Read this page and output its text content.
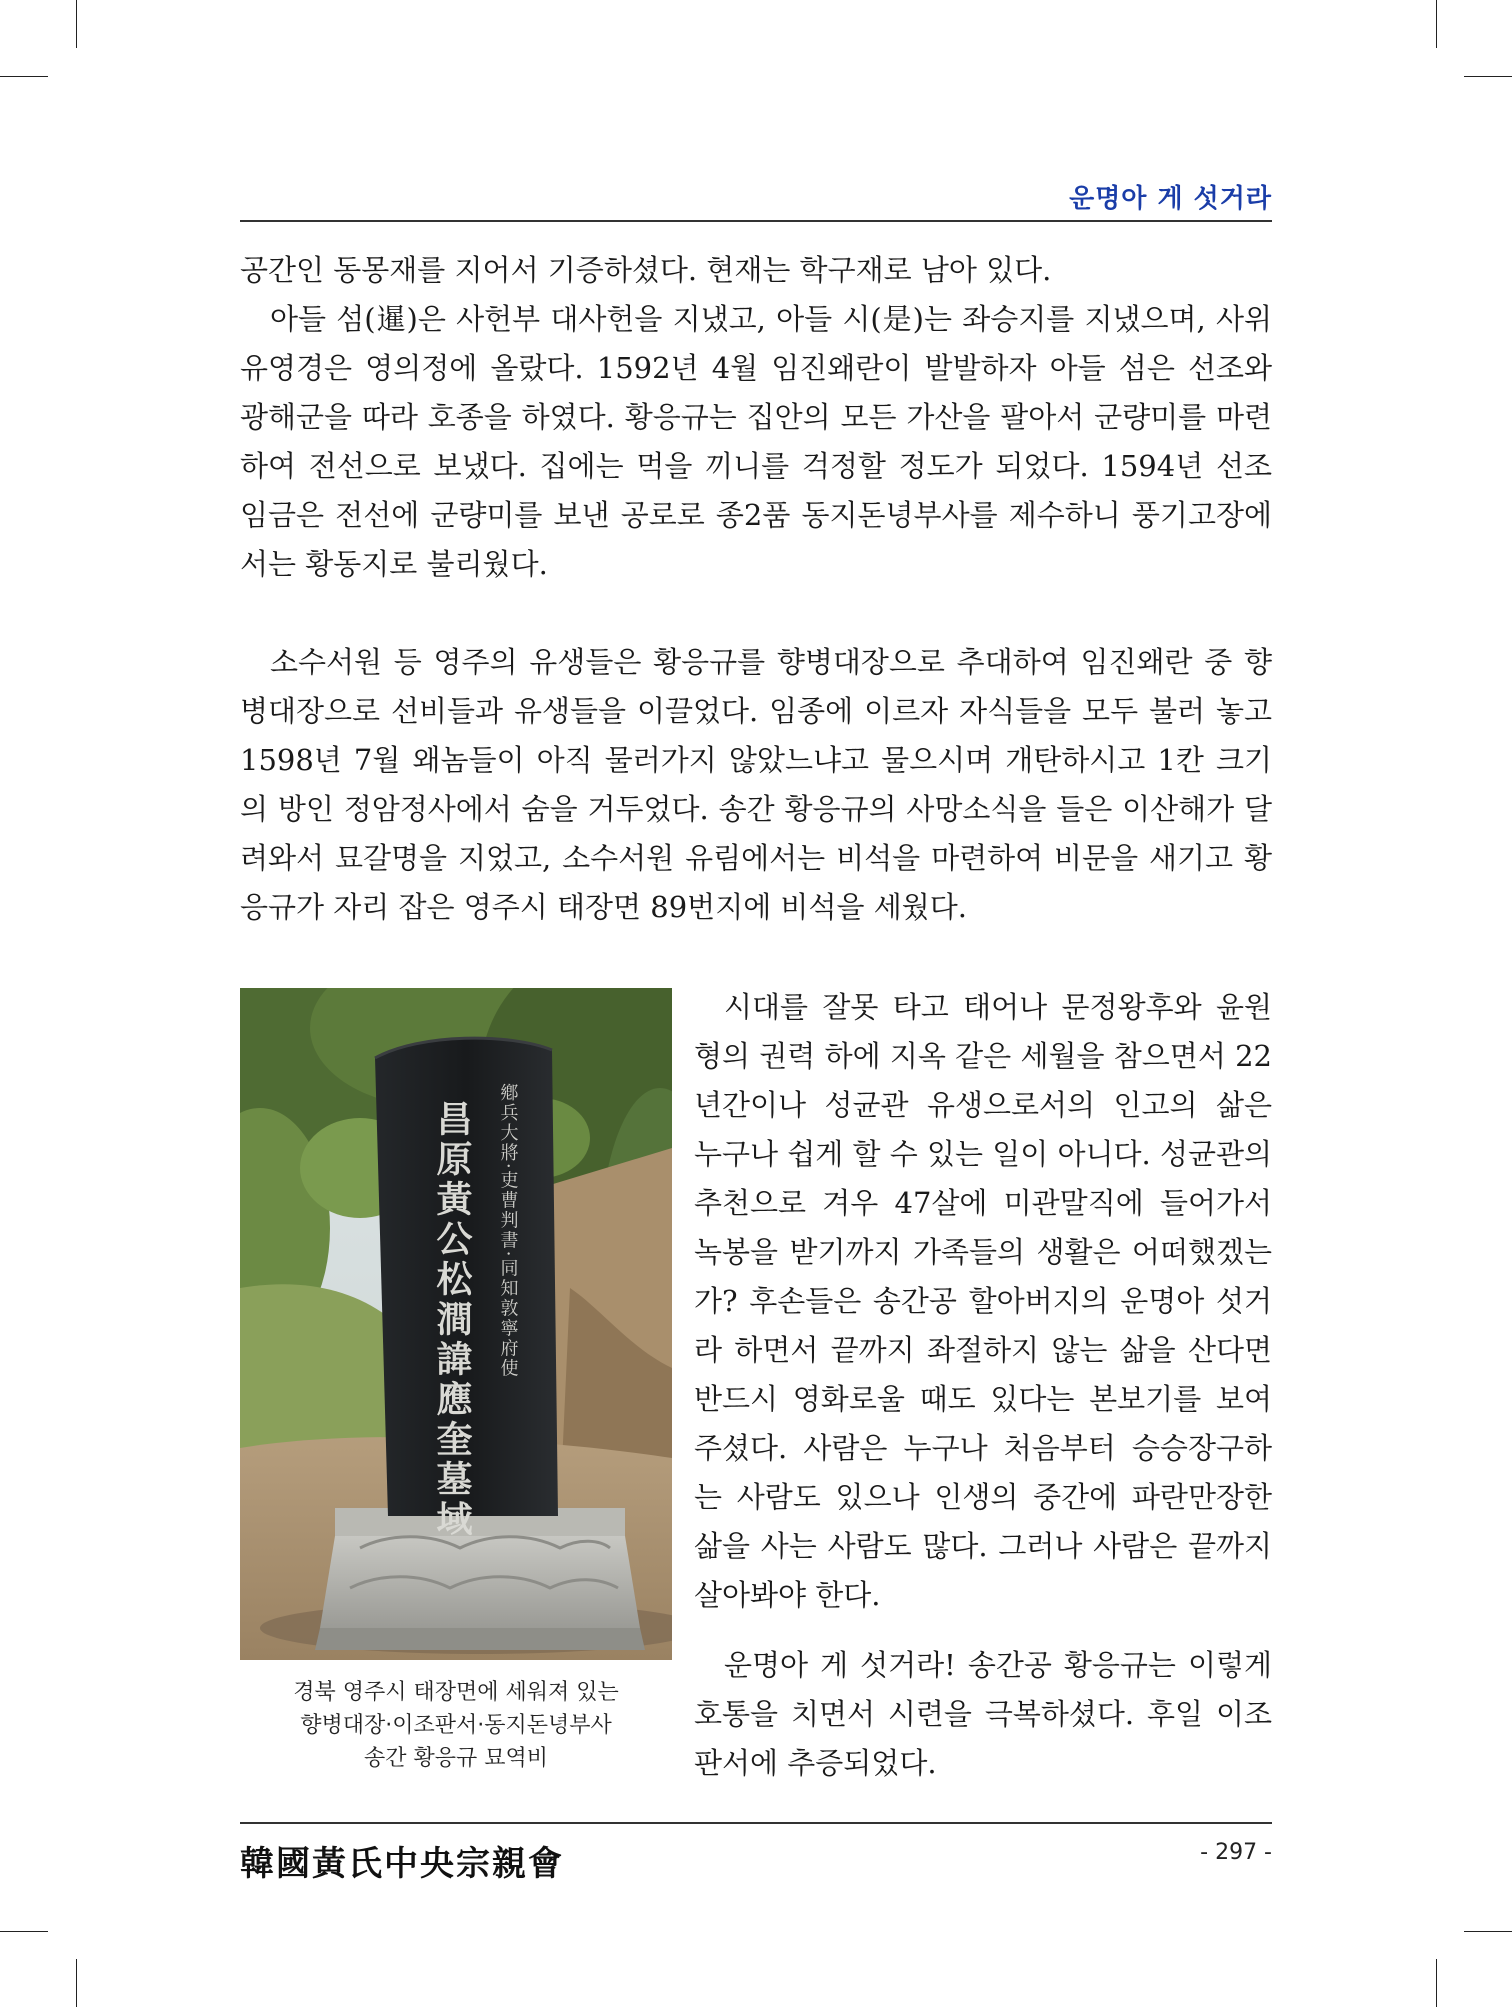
운명아 게 섯거라

공간인 동몽재를 지어서 기증하셨다. 현재는 학구재로 남아 있다.

아들 섬(暹)은 사헌부 대사헌을 지냈고, 아들 시(是)는 좌승지를 지냈으며, 사위 유영경은 영의정에 올랐다. 1592년 4월 임진왜란이 발발하자 아들 섬은 선조와 광해군을 따라 호종을 하였다. 황응규는 집안의 모든 가산을 팔아서 군량미를 마련하여 전선으로 보냈다. 집에는 먹을 끼니를 걱정할 정도가 되었다. 1594년 선조 임금은 전선에 군량미를 보낸 공로로 종2품 동지돈녕부사를 제수하니 풍기고장에서는 황동지로 불리웠다.

소수서원 등 영주의 유생들은 황응규를 향병대장으로 추대하여 임진왜란 중 향병대장으로 선비들과 유생들을 이끌었다. 임종에 이르자 자식들을 모두 불러 놓고 1598년 7월 왜놈들이 아직 물러가지 않았느냐고 물으시며 개탄하시고 1칸 크기의 방인 정암정사에서 숨을 거두었다. 송간 황응규의 사망소식을 들은 이산해가 달려와서 묘갈명을 지었고, 소수서원 유림에서는 비석을 마련하여 비문을 새기고 황응규가 자리 잡은 영주시 태장면 89번지에 비석을 세웠다.

昌原黃公松澗諱應奎墓域 鄕兵大將·吏曹判書·同知敦寧府使
경북 영주시 태장면에 세워져 있는
향병대장·이조판서·동지돈녕부사
송간 황응규 묘역비

시대를 잘못 타고 태어나 문정왕후와 윤원형의 권력 하에 지옥 같은 세월을 참으면서 22년간이나 성균관 유생으로서의 인고의 삶은 누구나 쉽게 할 수 있는 일이 아니다. 성균관의 추천으로 겨우 47살에 미관말직에 들어가서 녹봉을 받기까지 가족들의 생활은 어떠했겠는가? 후손들은 송간공 할아버지의 운명아 섯거라 하면서 끝까지 좌절하지 않는 삶을 산다면 반드시 영화로울 때도 있다는 본보기를 보여 주셨다. 사람은 누구나 처음부터 승승장구하는 사람도 있으나 인생의 중간에 파란만장한 삶을 사는 사람도 많다. 그러나 사람은 끝까지 살아봐야 한다.

운명아 게 섯거라! 송간공 황응규는 이렇게 호통을 치면서 시련을 극복하셨다. 후일 이조판서에 추증되었다.

韓國黃氏中央宗親會	- 297 -
